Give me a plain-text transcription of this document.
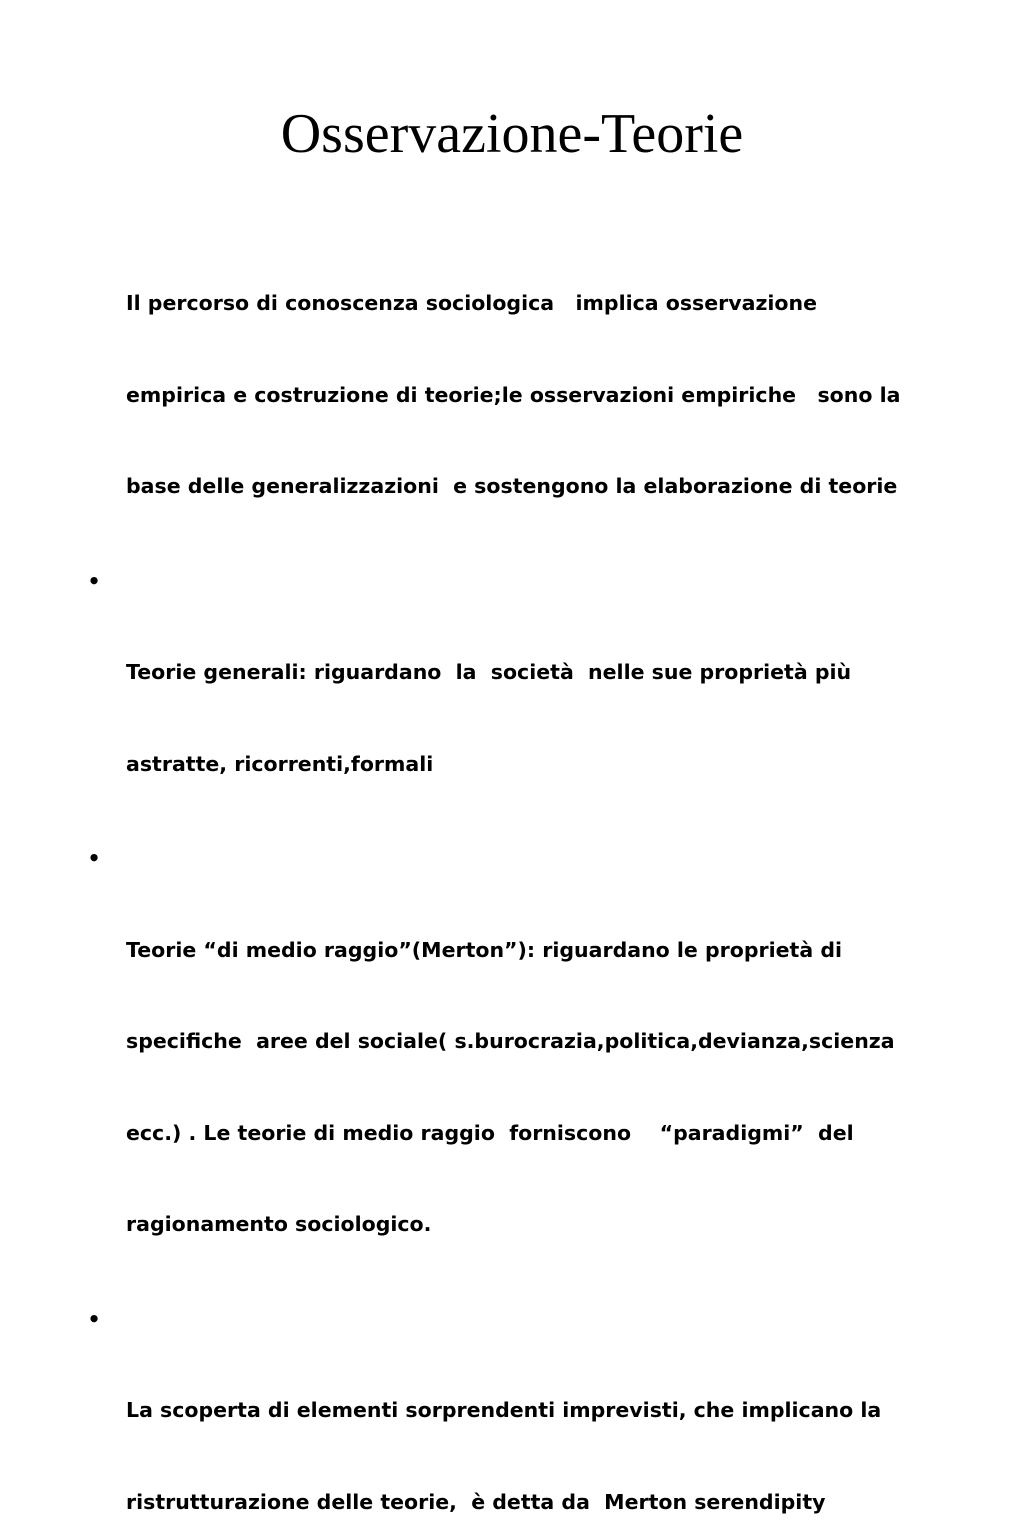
Osservazione-Teorie

Il percorso di conoscenza sociologica   implica osservazione

empirica e costruzione di teorie;le osservazioni empiriche   sono la

base delle generalizzazioni  e sostengono la elaborazione di teorie

•

Teorie generali: riguardano  la  società  nelle sue proprietà più

astratte, ricorrenti,formali

•

Teorie “di medio raggio”(Merton”): riguardano le proprietà di

specifiche  aree del sociale( s.burocrazia,politica,devianza,scienza

ecc.) . Le teorie di medio raggio  forniscono    “paradigmi”  del

ragionamento sociologico.

•

La scoperta di elementi sorprendenti imprevisti, che implicano la

ristrutturazione delle teorie,  è detta da  Merton serendipity
